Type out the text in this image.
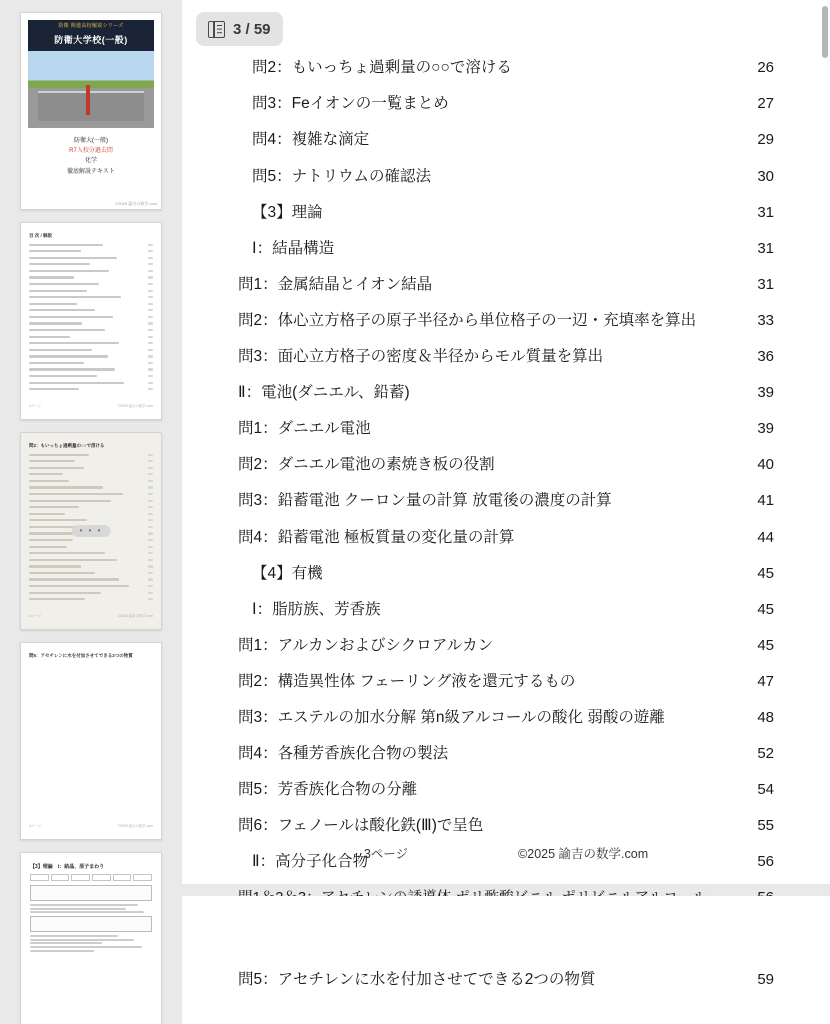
防衛 関連高校解説シリーズ
防衛大学校(一般)
防衛大(一般)
R7入校分過去問
化学
徹底解説テキスト
©2025 諭吉の数学.com
目 次 / 解説
1ページ	©2025 諭吉の数学.com
問2：もいっちょ過剰量の○○で溶ける
3ページ	©2025 諭吉の数学.com
• • •
問5：アセチレンに水を付加させてできる2つの物質
4ページ	©2025 諭吉の数学.com
【3】理論　Ⅰ：結晶、原子まわり
問2：もいっちょ過剰量の○○で溶ける	26
問3：Feイオンの一覧まとめ	27
問4：複雑な滴定	29
問5：ナトリウムの確認法	30
【3】理論	31
Ⅰ：結晶構造	31
問1：金属結晶とイオン結晶	31
問2：体心立方格子の原子半径から単位格子の一辺・充填率を算出	33
問3：面心立方格子の密度＆半径からモル質量を算出	36
Ⅱ：電池(ダニエル、鉛蓄)	39
問1：ダニエル電池	39
問2：ダニエル電池の素焼き板の役割	40
問3：鉛蓄電池 クーロン量の計算 放電後の濃度の計算	41
問4：鉛蓄電池 極板質量の変化量の計算	44
【4】有機	45
Ⅰ：脂肪族、芳香族	45
問1：アルカンおよびシクロアルカン	45
問2：構造異性体 フェーリング液を還元するもの	47
問3：エステルの加水分解 第n級アルコールの酸化 弱酸の遊離	48
問4：各種芳香族化合物の製法	52
問5：芳香族化合物の分離	54
問6：フェノールは酸化鉄(Ⅲ)で呈色	55
Ⅱ：高分子化合物	56
3ページ	©2025 諭吉の数学.com
問5：アセチレンに水を付加させてできる2つの物質	59
3 / 59
